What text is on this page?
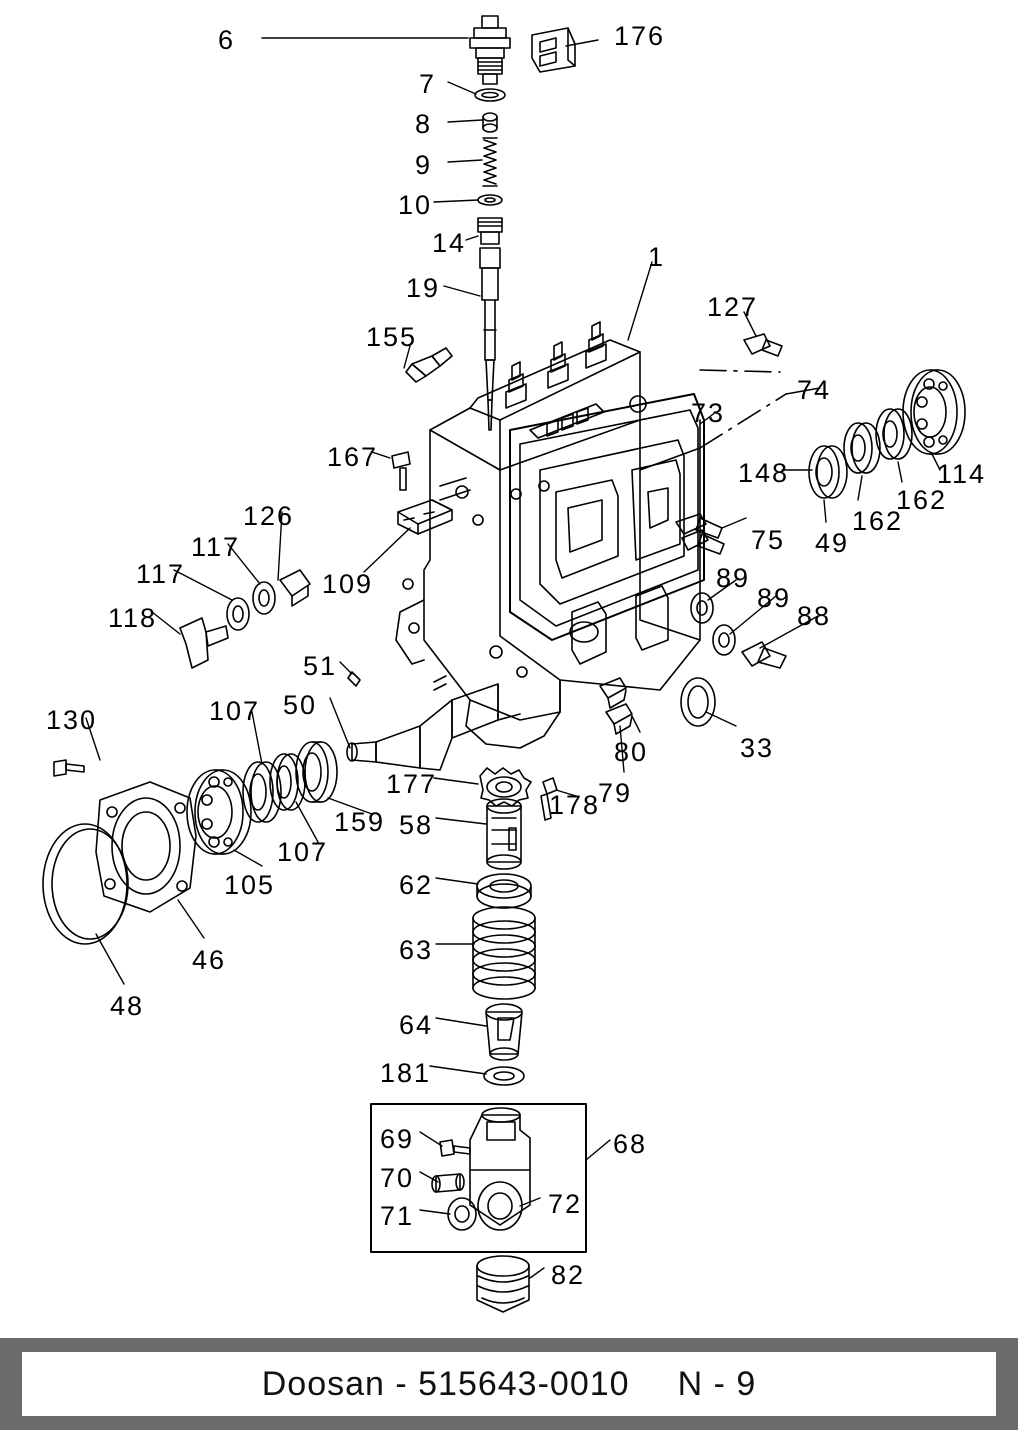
6	176
7
8
9
10
14
19
1
127
155
74
73
114
162
162
148
49
75
167
126
117
117
118
109	89
89
88
51
50
107
130
80
79
33
159
107
105
46
48
177
178
58
62
63
64
181
69	68
70
72
71
82
Doosan - 515643-0010 N - 9
